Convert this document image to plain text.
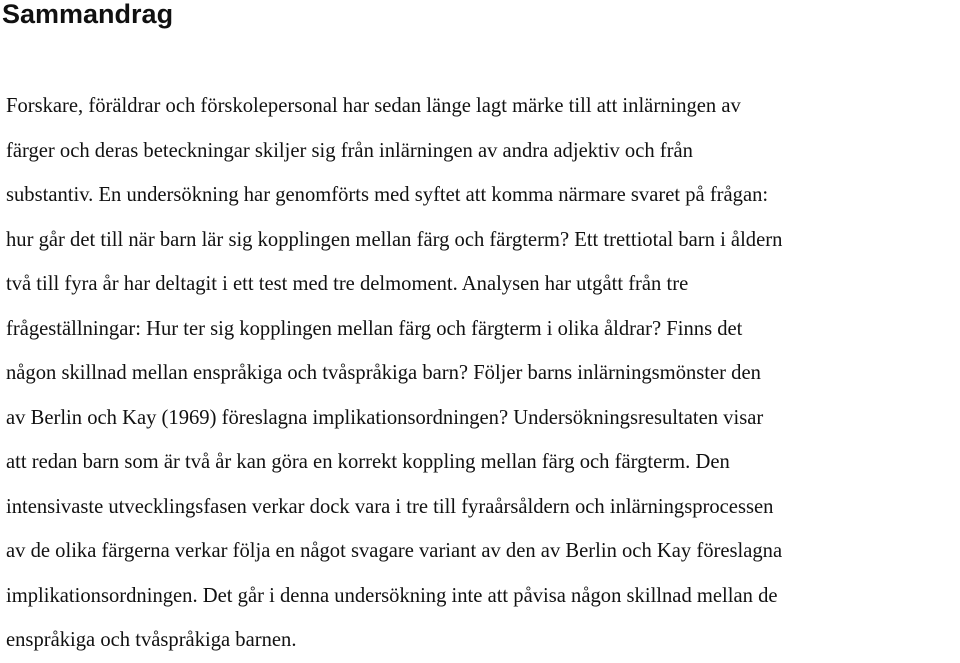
Sammandrag
Forskare, föräldrar och förskolepersonal har sedan länge lagt märke till att inlärningen av
färger och deras beteckningar skiljer sig från inlärningen av andra adjektiv och från
substantiv. En undersökning har genomförts med syftet att komma närmare svaret på frågan:
hur går det till när barn lär sig kopplingen mellan färg och färgterm? Ett trettiotal barn i åldern
två till fyra år har deltagit i ett test med tre delmoment. Analysen har utgått från tre
frågeställningar: Hur ter sig kopplingen mellan färg och färgterm i olika åldrar? Finns det
någon skillnad mellan enspråkiga och tvåspråkiga barn? Följer barns inlärningsmönster den
av Berlin och Kay (1969) föreslagna implikationsordningen? Undersökningsresultaten visar
att redan barn som är två år kan göra en korrekt koppling mellan färg och färgterm. Den
intensivaste utvecklingsfasen verkar dock vara i tre till fyraårsåldern och inlärningsprocessen
av de olika färgerna verkar följa en något svagare variant av den av Berlin och Kay föreslagna
implikationsordningen. Det går i denna undersökning inte att påvisa någon skillnad mellan de
enspråkiga och tvåspråkiga barnen.
